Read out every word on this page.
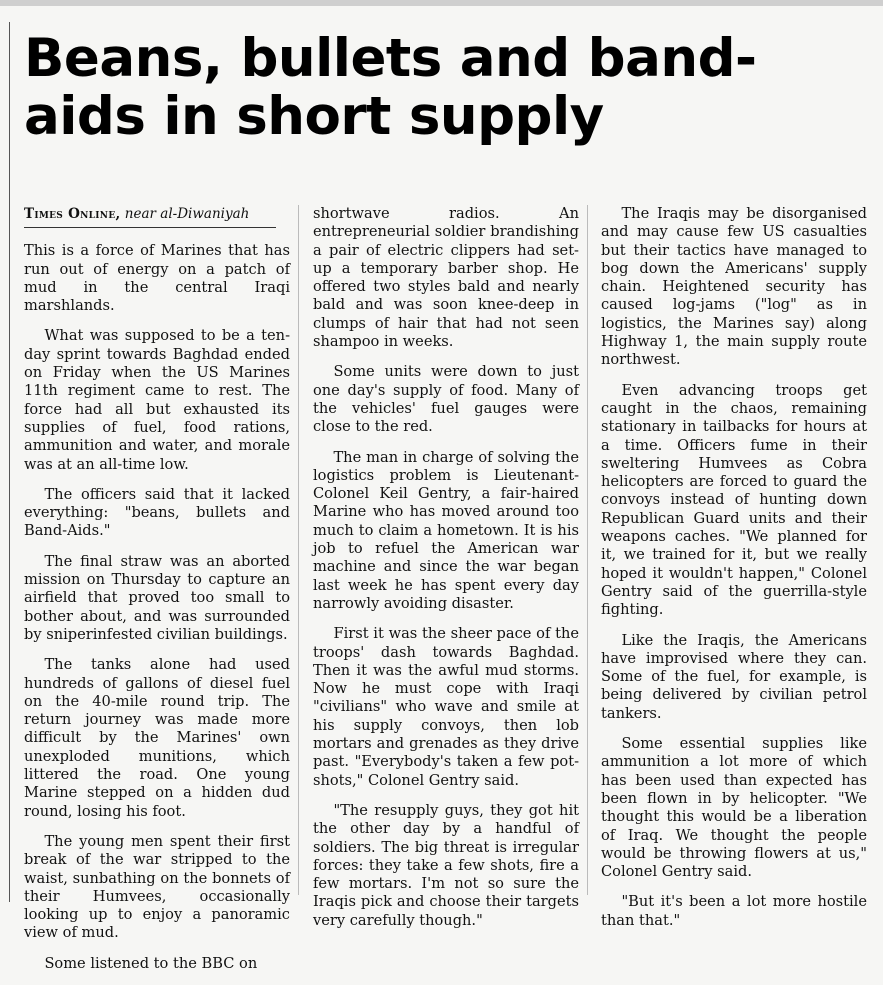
Beans, bullets and band-aids in short supply
Times Online, near al-Diwaniyah

This is a force of Marines that has run out of energy on a patch of mud in the central Iraqi marshlands.

What was supposed to be a ten-day sprint towards Baghdad ended on Friday when the US Marines 11th regiment came to rest. The force had all but exhausted its supplies of fuel, food rations, ammunition and water, and morale was at an all-time low.

The officers said that it lacked everything: "beans, bullets and Band-Aids."

The final straw was an aborted mission on Thursday to capture an airfield that proved too small to bother about, and was surrounded by sniperinfested civilian buildings.

The tanks alone had used hundreds of gallons of diesel fuel on the 40-mile round trip. The return journey was made more difficult by the Marines' own unexploded munitions, which littered the road. One young Marine stepped on a hidden dud round, losing his foot.

The young men spent their first break of the war stripped to the waist, sunbathing on the bonnets of their Humvees, occasionally looking up to enjoy a panoramic view of mud.

Some listened to the BBC on

shortwave radios. An entrepreneurial soldier brandishing a pair of electric clippers had set-up a temporary barber shop. He offered two styles bald and nearly bald and was soon knee-deep in clumps of hair that had not seen shampoo in weeks.

Some units were down to just one day's supply of food. Many of the vehicles' fuel gauges were close to the red.

The man in charge of solving the logistics problem is Lieutenant-Colonel Keil Gentry, a fair-haired Marine who has moved around too much to claim a hometown. It is his job to refuel the American war machine and since the war began last week he has spent every day narrowly avoiding disaster.

First it was the sheer pace of the troops' dash towards Baghdad. Then it was the awful mud storms. Now he must cope with Iraqi "civilians" who wave and smile at his supply convoys, then lob mortars and grenades as they drive past. "Everybody's taken a few pot-shots," Colonel Gentry said.

"The resupply guys, they got hit the other day by a handful of soldiers. The big threat is irregular forces: they take a few shots, fire a few mortars. I'm not so sure the Iraqis pick and choose their targets very carefully though."

The Iraqis may be disorganised and may cause few US casualties but their tactics have managed to bog down the Americans' supply chain. Heightened security has caused log-jams ("log" as in logistics, the Marines say) along Highway 1, the main supply route northwest.

Even advancing troops get caught in the chaos, remaining stationary in tailbacks for hours at a time. Officers fume in their sweltering Humvees as Cobra helicopters are forced to guard the convoys instead of hunting down Republican Guard units and their weapons caches. "We planned for it, we trained for it, but we really hoped it wouldn't happen," Colonel Gentry said of the guerrilla-style fighting.

Like the Iraqis, the Americans have improvised where they can. Some of the fuel, for example, is being delivered by civilian petrol tankers.

Some essential supplies like ammunition a lot more of which has been used than expected has been flown in by helicopter. "We thought this would be a liberation of Iraq. We thought the people would be throwing flowers at us," Colonel Gentry said.

"But it's been a lot more hostile than that."
